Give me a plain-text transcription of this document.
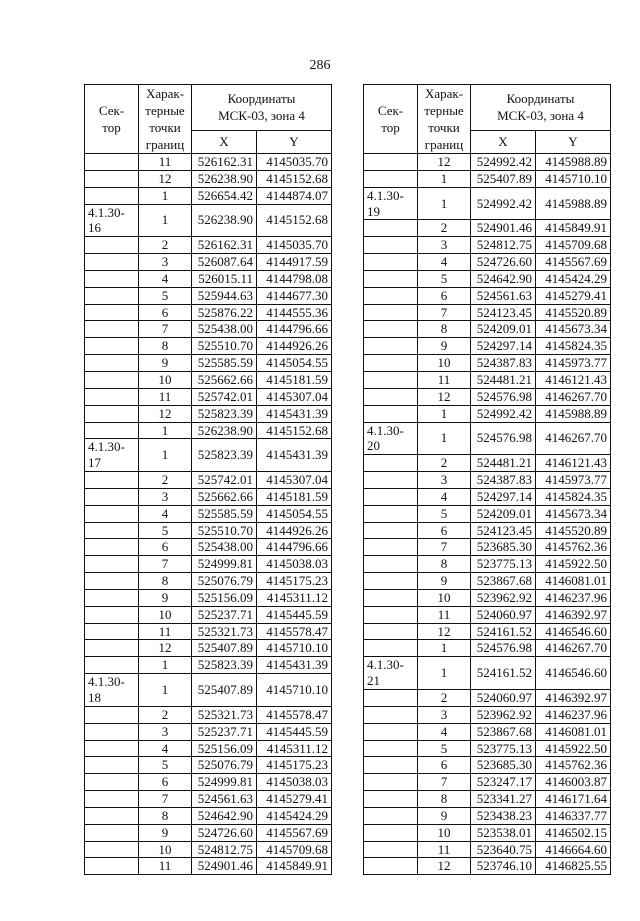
286
Сек-
тор	Харак-
терные
точки
границ	Координаты
МСК-03, зона 4	
		X	Y
	11	526162.31	4145035.70
	12	526238.90	4145152.68
	1	526654.42	4144874.07
4.1.30-
16	1	526238.90	4145152.68
	2	526162.31	4145035.70
	3	526087.64	4144917.59
	4	526015.11	4144798.08
	5	525944.63	4144677.30
	6	525876.22	4144555.36
	7	525438.00	4144796.66
	8	525510.70	4144926.26
	9	525585.59	4145054.55
	10	525662.66	4145181.59
	11	525742.01	4145307.04
	12	525823.39	4145431.39
	1	526238.90	4145152.68
4.1.30-
17	1	525823.39	4145431.39
	2	525742.01	4145307.04
	3	525662.66	4145181.59
	4	525585.59	4145054.55
	5	525510.70	4144926.26
	6	525438.00	4144796.66
	7	524999.81	4145038.03
	8	525076.79	4145175.23
	9	525156.09	4145311.12
	10	525237.71	4145445.59
	11	525321.73	4145578.47
	12	525407.89	4145710.10
	1	525823.39	4145431.39
4.1.30-
18	1	525407.89	4145710.10
	2	525321.73	4145578.47
	3	525237.71	4145445.59
	4	525156.09	4145311.12
	5	525076.79	4145175.23
	6	524999.81	4145038.03
	7	524561.63	4145279.41
	8	524642.90	4145424.29
	9	524726.60	4145567.69
	10	524812.75	4145709.68
	11	524901.46	4145849.91
Сек-
тор	Харак-
терные
точки
границ	Координаты
МСК-03, зона 4	
		X	Y
	12	524992.42	4145988.89
	1	525407.89	4145710.10
4.1.30-
19	1	524992.42	4145988.89
	2	524901.46	4145849.91
	3	524812.75	4145709.68
	4	524726.60	4145567.69
	5	524642.90	4145424.29
	6	524561.63	4145279.41
	7	524123.45	4145520.89
	8	524209.01	4145673.34
	9	524297.14	4145824.35
	10	524387.83	4145973.77
	11	524481.21	4146121.43
	12	524576.98	4146267.70
	1	524992.42	4145988.89
4.1.30-
20	1	524576.98	4146267.70
	2	524481.21	4146121.43
	3	524387.83	4145973.77
	4	524297.14	4145824.35
	5	524209.01	4145673.34
	6	524123.45	4145520.89
	7	523685.30	4145762.36
	8	523775.13	4145922.50
	9	523867.68	4146081.01
	10	523962.92	4146237.96
	11	524060.97	4146392.97
	12	524161.52	4146546.60
	1	524576.98	4146267.70
4.1.30-
21	1	524161.52	4146546.60
	2	524060.97	4146392.97
	3	523962.92	4146237.96
	4	523867.68	4146081.01
	5	523775.13	4145922.50
	6	523685.30	4145762.36
	7	523247.17	4146003.87
	8	523341.27	4146171.64
	9	523438.23	4146337.77
	10	523538.01	4146502.15
	11	523640.75	4146664.60
	12	523746.10	4146825.55
